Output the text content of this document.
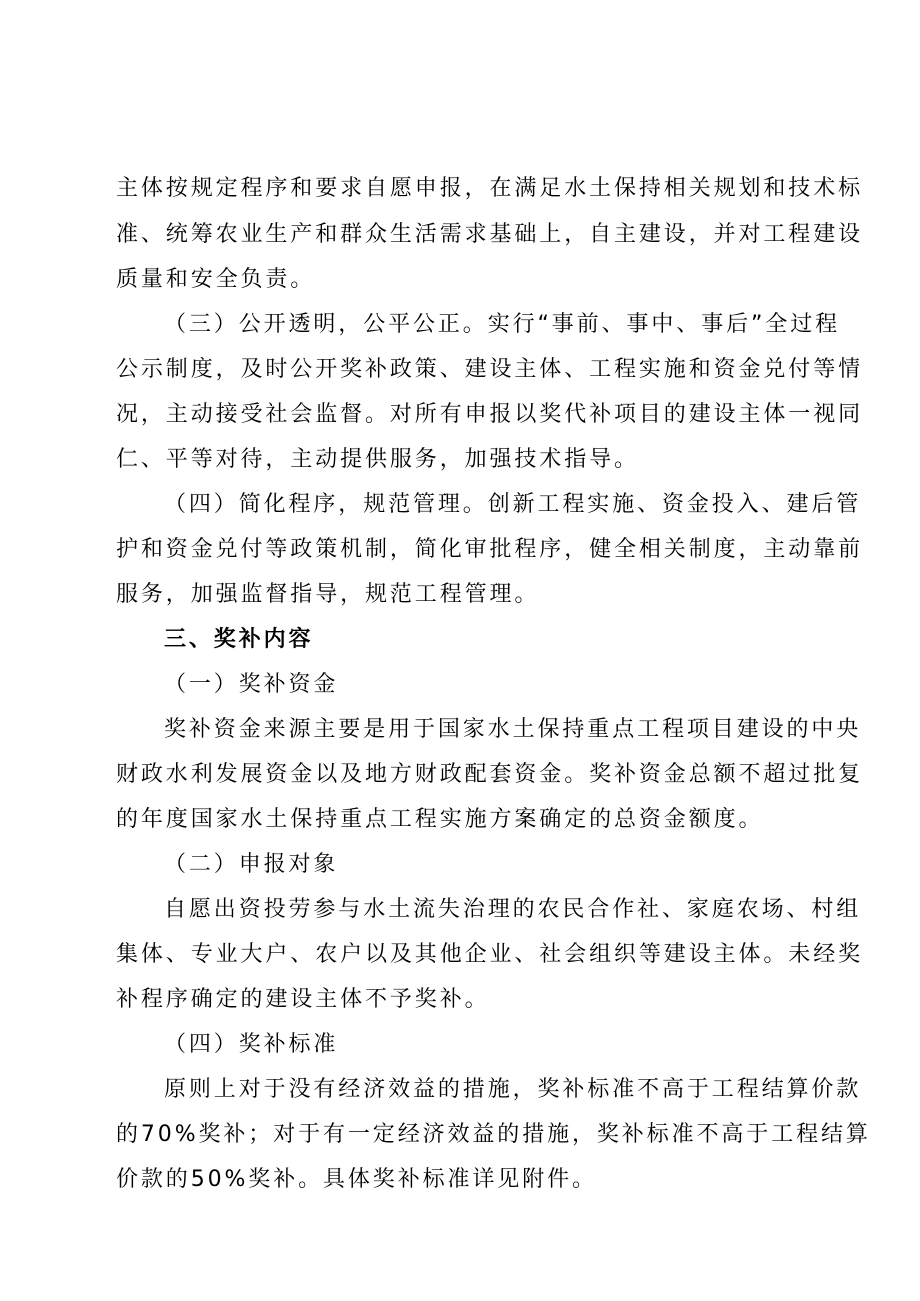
主体按规定程序和要求自愿申报，在满足水土保持相关规划和技术标
准、统筹农业生产和群众生活需求基础上，自主建设，并对工程建设
质量和安全负责。
（三）公开透明，公平公正。实行“事前、事中、事后”全过程
公示制度，及时公开奖补政策、建设主体、工程实施和资金兑付等情
况，主动接受社会监督。对所有申报以奖代补项目的建设主体一视同
仁、平等对待，主动提供服务，加强技术指导。
（四）简化程序，规范管理。创新工程实施、资金投入、建后管
护和资金兑付等政策机制，简化审批程序，健全相关制度，主动靠前
服务，加强监督指导，规范工程管理。
三、奖补内容
（一）奖补资金
奖补资金来源主要是用于国家水土保持重点工程项目建设的中央
财政水利发展资金以及地方财政配套资金。奖补资金总额不超过批复
的年度国家水土保持重点工程实施方案确定的总资金额度。
（二）申报对象
自愿出资投劳参与水土流失治理的农民合作社、家庭农场、村组
集体、专业大户、农户以及其他企业、社会组织等建设主体。未经奖
补程序确定的建设主体不予奖补。
（四）奖补标准
原则上对于没有经济效益的措施，奖补标准不高于工程结算价款
的70%奖补；对于有一定经济效益的措施，奖补标准不高于工程结算
价款的50%奖补。具体奖补标准详见附件。
